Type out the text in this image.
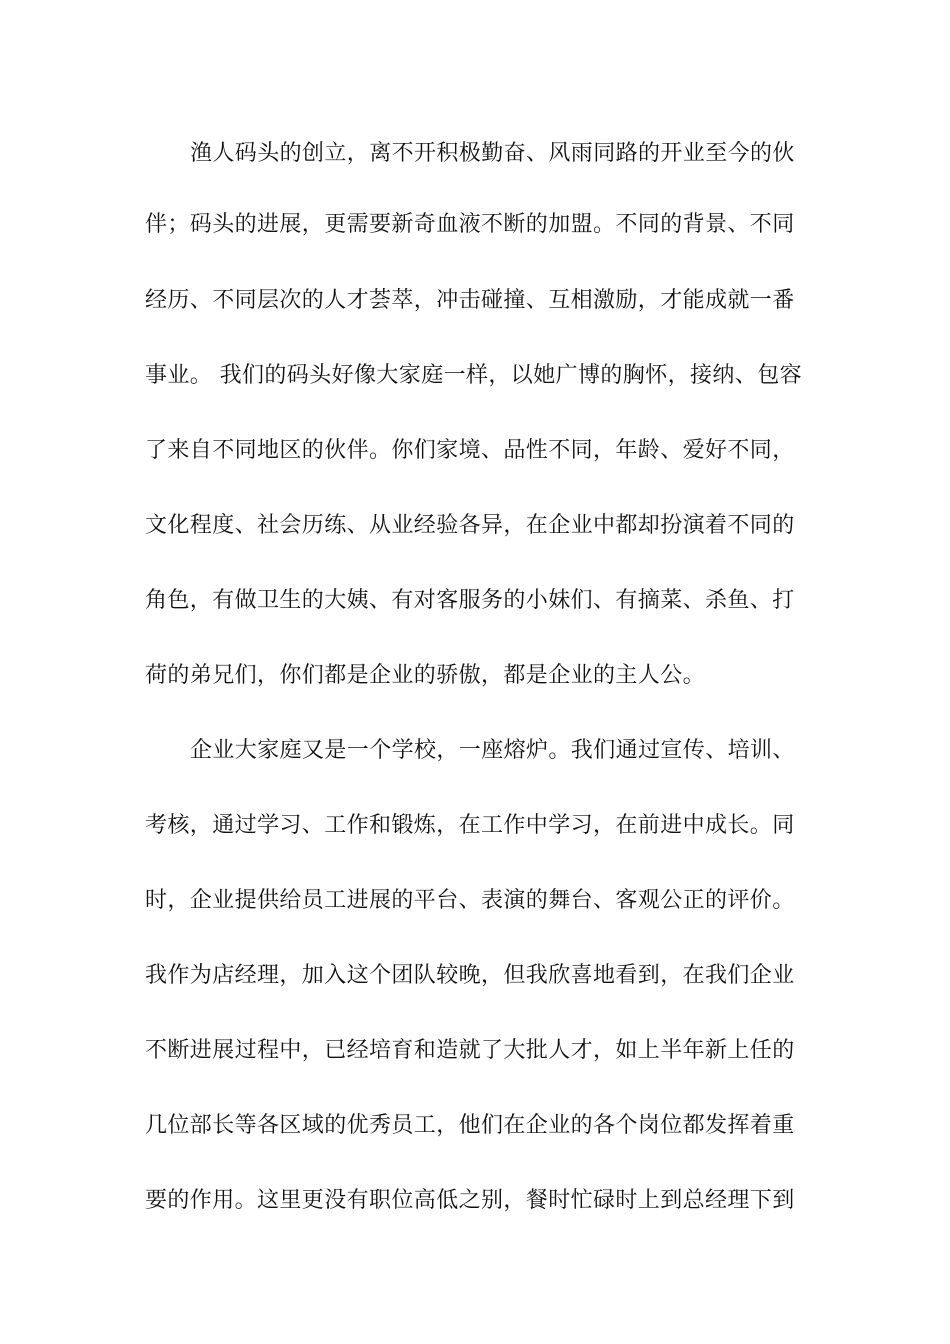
渔人码头的创立，离不开积极勤奋、风雨同路的开业至今的伙
伴；码头的进展，更需要新奇血液不断的加盟。不同的背景、不同
经历、不同层次的人才荟萃，冲击碰撞、互相激励，才能成就一番
事业。 我们的码头好像大家庭一样，以她广博的胸怀，接纳、包容
了来自不同地区的伙伴。你们家境、品性不同，年龄、爱好不同，
文化程度、社会历练、从业经验各异，在企业中都却扮演着不同的
角色，有做卫生的大姨、有对客服务的小妹们、有摘菜、杀鱼、打
荷的弟兄们，你们都是企业的骄傲，都是企业的主人公。
企业大家庭又是一个学校，一座熔炉。我们通过宣传、培训、
考核，通过学习、工作和锻炼，在工作中学习，在前进中成长。同
时，企业提供给员工进展的平台、表演的舞台、客观公正的评价。
我作为店经理，加入这个团队较晚，但我欣喜地看到，在我们企业
不断进展过程中，已经培育和造就了大批人才，如上半年新上任的
几位部长等各区域的优秀员工，他们在企业的各个岗位都发挥着重
要的作用。这里更没有职位高低之别，餐时忙碌时上到总经理下到
